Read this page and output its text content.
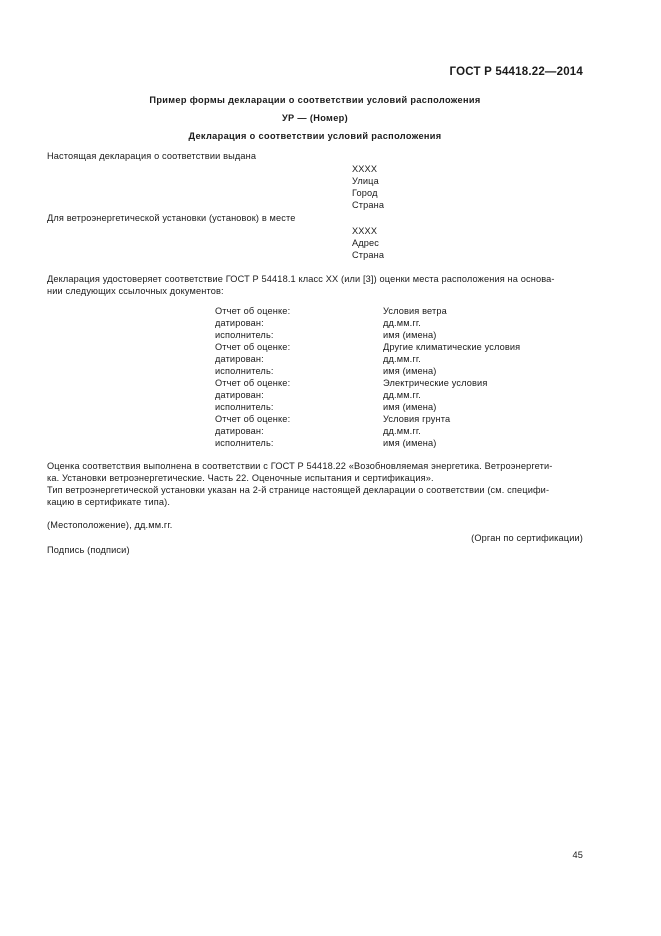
ГОСТ Р 54418.22—2014
Пример формы декларации о соответствии условий расположения
УР — (Номер)
Декларация о соответствии условий расположения
Настоящая декларация о соответствии выдана
ХХХХ
Улица
Город
Страна
Для ветроэнергетической установки (установок) в месте
ХХХХ
Адрес
Страна
Декларация удостоверяет соответствие ГОСТ Р 54418.1 класс XX (или [3]) оценки места расположения на основа-
нии следующих ссылочных документов:
Отчет об оценке:	Условия ветра
датирован:	дд.мм.гг.
исполнитель:	имя (имена)
Отчет об оценке:	Другие климатические условия
датирован:	дд.мм.гг.
исполнитель:	имя (имена)
Отчет об оценке:	Электрические условия
датирован:	дд.мм.гг.
исполнитель:	имя (имена)
Отчет об оценке:	Условия грунта
датирован:	дд.мм.гг.
исполнитель:	имя (имена)
Оценка соответствия выполнена в соответствии с ГОСТ Р 54418.22 «Возобновляемая энергетика. Ветроэнергети-
ка. Установки ветроэнергетические. Часть 22. Оценочные испытания и сертификация».
Тип ветроэнергетической установки указан на 2-й странице настоящей декларации о соответствии (см. специфи-
кацию в сертификате типа).
(Местоположение), дд.мм.гг.
(Орган по сертификации)
Подпись (подписи)
45
